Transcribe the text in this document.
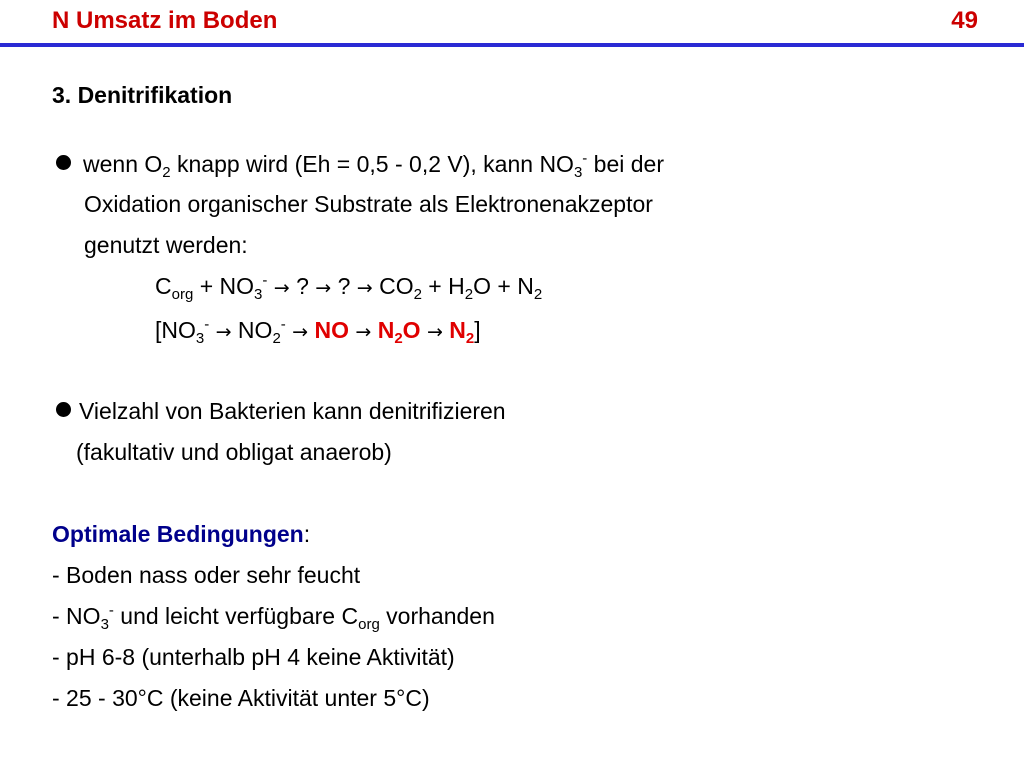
N Umsatz im Boden	49
3. Denitrifikation
wenn $O_2$ knapp wird (Eh = 0,5 - 0,2 V), kann $NO_3^-$ bei der
Oxidation organischer Substrate als Elektronenakzeptor
genutzt werden:
$C_{org} + NO_3^-$ → ? → ? → $CO_2 + H_2O + N_2$
[$NO_3^- \to NO_2^-$ → NO → $N_2O \to N_2$]
Vielzahl von Bakterien kann denitrifizieren
(fakultativ und obligat anaerob)
Optimale Bedingungen:
- Boden nass oder sehr feucht
- $NO_3^-$ und leicht verfügbare $C_{org}$ vorhanden
- pH 6-8 (unterhalb pH 4 keine Aktivität)
- 25 - 30°C (keine Aktivität unter 5°C)
